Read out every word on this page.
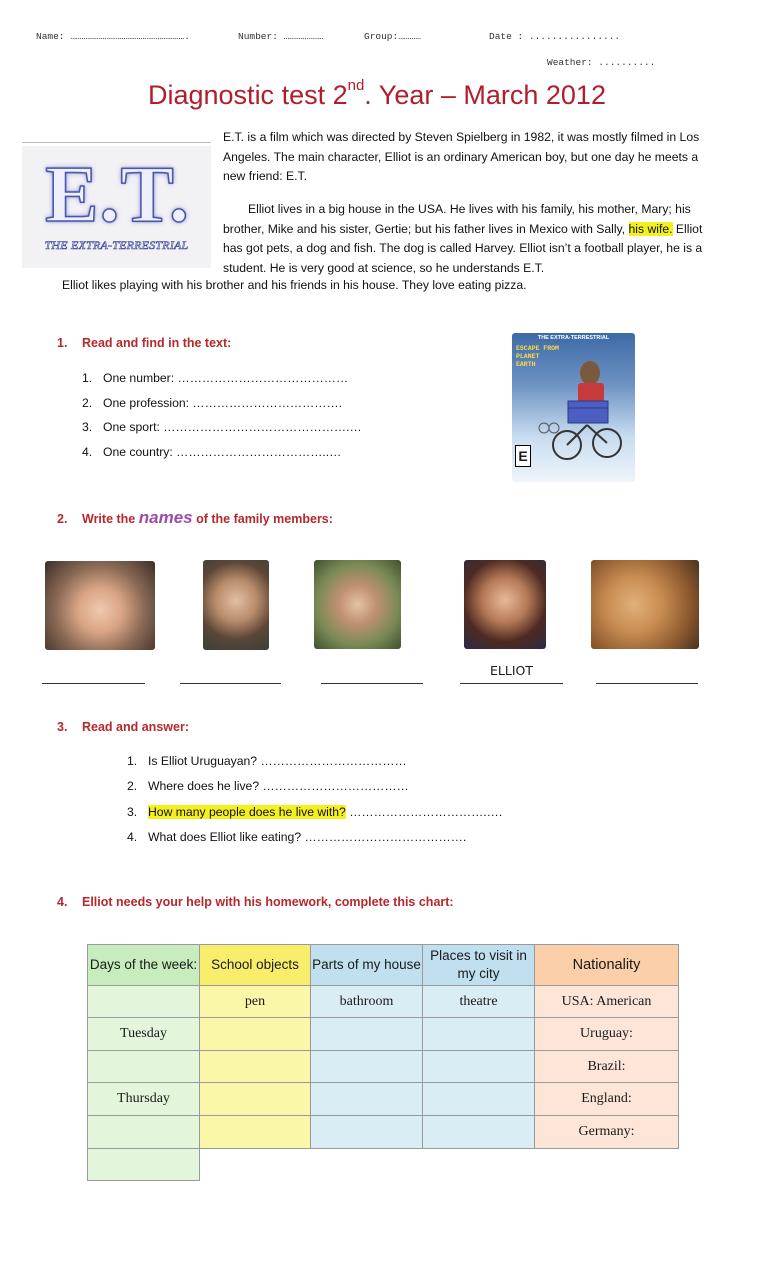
Name: …………………………………………………….	Number: …………………	Group:…………	Date : ................
Weather: ..........
Diagnostic test 2nd. Year – March 2012
E.T.
THE EXTRA-TERRESTRIAL
E.T. is a film which was directed by Steven Spielberg in 1982, it was mostly filmed in Los Angeles. The main character, Elliot is an ordinary American boy, but one day he meets a new friend: E.T.
Elliot lives in a big house in the USA. He lives with his family, his mother, Mary; his brother, Mike and his sister, Gertie; but his father lives in Mexico with Sally, his wife. Elliot has got pets, a dog and fish. The dog is called Harvey. Elliot isn’t a football player, he is a student. He is very good at science, so he understands E.T.
Elliot likes playing with his brother and his friends in his house. They love eating pizza.
1. Read and find in the text:
1. One number: ……………………………………
2. One profession: ……………………………….
3. One sport: ……………………………………….…
4. One country: ………………………………..…
THE EXTRA-TERRESTRIAL
ESCAPE FROM PLANET EARTH
E
2. Write the names of the family members:
ELLIOT
3. Read and answer:
1. Is Elliot Uruguayan? ………………………………
2. Where does he live? ………………………………
3. How many people does he live with? …………………………….….
4. What does Elliot like eating? ………………………………….
4. Elliot needs your help with his homework, complete this chart:
Days of the week:	School objects	Parts of my house	Places to visit in my city	Nationality
	pen	bathroom	theatre	USA: American
Tuesday				Uruguay:
				Brazil:
Thursday				England:
				Germany:
